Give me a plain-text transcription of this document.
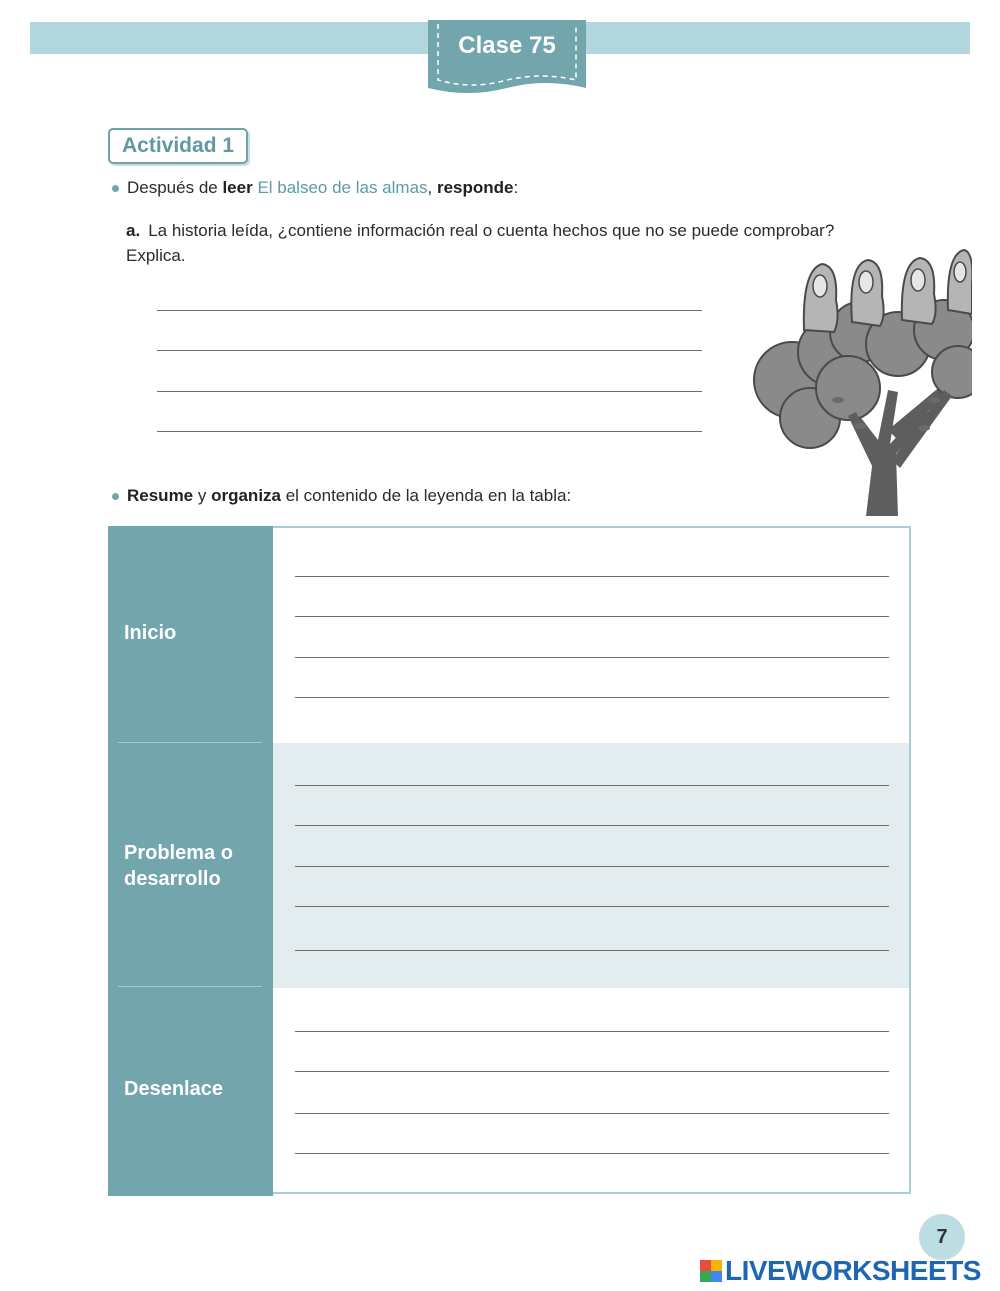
Clase 75
Actividad 1
Después de leer El balseo de las almas, responde:
a. La historia leída, ¿contiene información real o cuenta hechos que no se puede comprobar? Explica.
Resume y organiza el contenido de la leyenda en la tabla:
Inicio
Problema o desarrollo
Desenlace
7
LIVEWORKSHEETS
